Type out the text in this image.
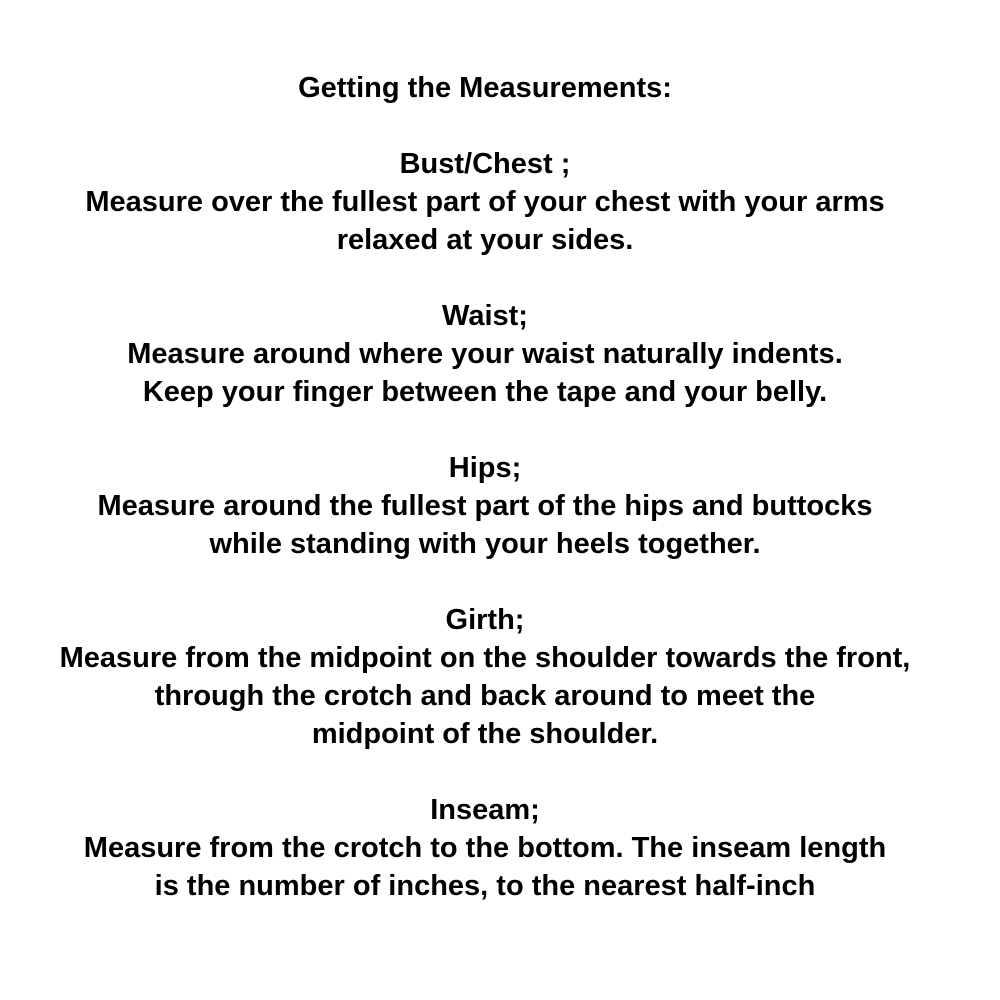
Getting the Measurements:

Bust/Chest ;

Measure over the fullest part of your chest with your arms

relaxed at your sides.

Waist;

Measure around where your waist naturally indents.

Keep your finger between the tape and your belly.

Hips;

Measure around the fullest part of the hips and buttocks

while standing with your heels together.

Girth;

Measure from the midpoint on the shoulder towards the front,

through the crotch and back around to meet the

midpoint of the shoulder.

Inseam;

Measure from the crotch to the bottom. The inseam length

is the number of inches, to the nearest half-inch
